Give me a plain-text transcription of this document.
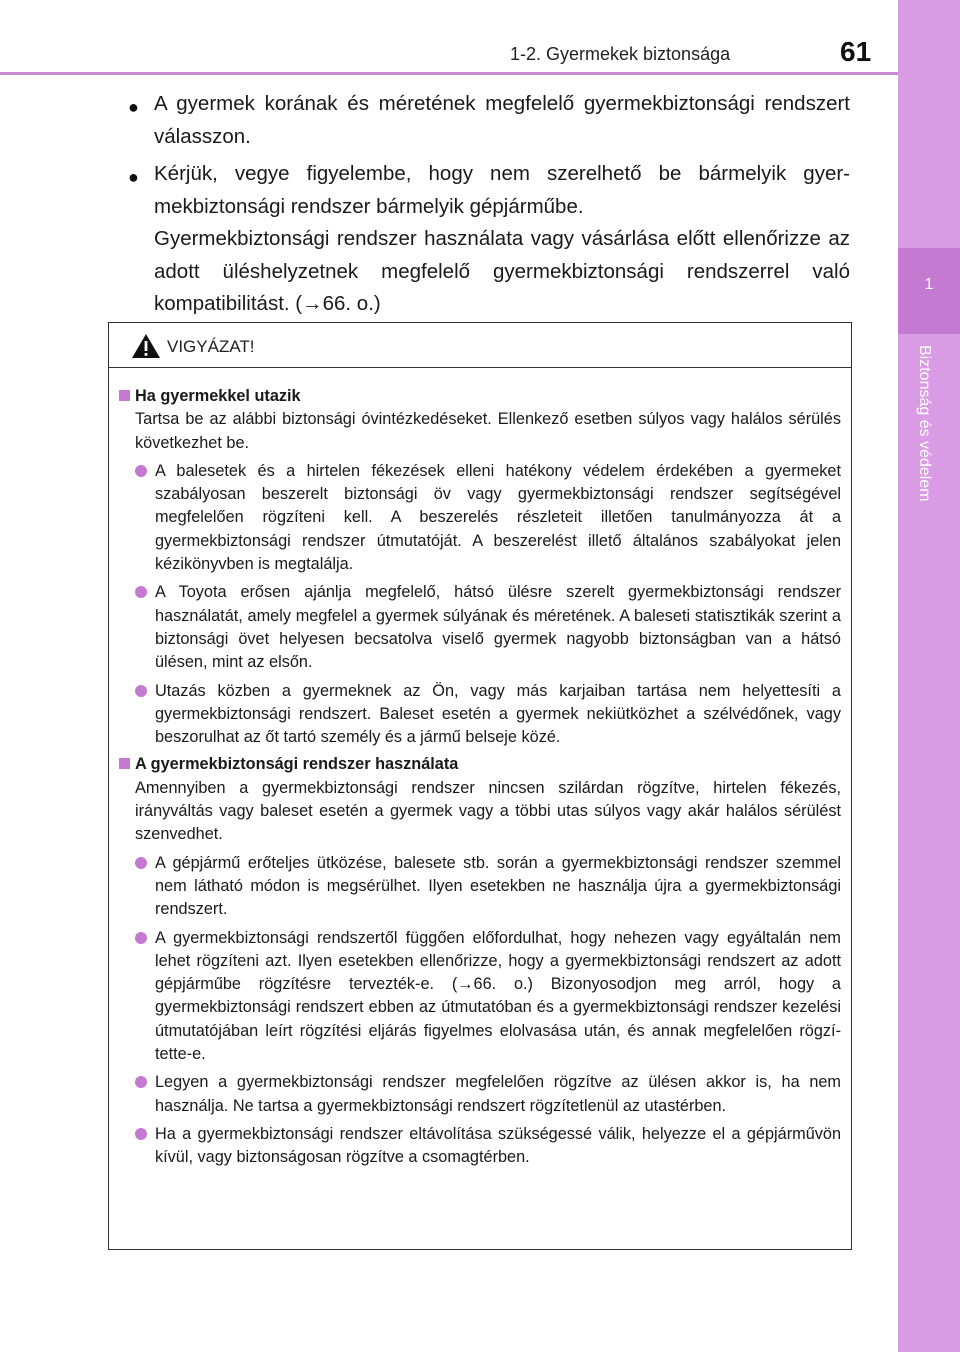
1
Biztonság és védelem
1-2. Gyermekek biztonsága	61
● A gyermek korának és méretének megfelelő gyermekbiztonsági rendszert válasszon.
● Kérjük, vegye figyelembe, hogy nem szerelhető be bármelyik gyermekbiztonsági rendszer bármelyik gépjárműbe.
Gyermekbiztonsági rendszer használata vagy vásárlása előtt ellenőrizze az adott üléshelyzetnek megfelelő gyermekbiztonsági rendszerrel való kompatibilitást. (→66. o.)
VIGYÁZAT!
Ha gyermekkel utazik
Tartsa be az alábbi biztonsági óvintézkedéseket. Ellenkező esetben súlyos vagy halálos sérülés következhet be.
A balesetek és a hirtelen fékezések elleni hatékony védelem érdekében a gyermeket szabályosan beszerelt biztonsági öv vagy gyermekbiztonsági rendszer segítségével megfelelően rögzíteni kell. A beszerelés részleteit illetően tanulmányozza át a gyermekbiztonsági rendszer útmutatóját. A beszerelést illető általános szabályokat jelen kézikönyvben is megtalálja.
A Toyota erősen ajánlja megfelelő, hátsó ülésre szerelt gyermekbiztonsági rendszer használatát, amely megfelel a gyermek súlyának és méretének. A baleseti statisztikák szerint a biztonsági övet helyesen becsatolva viselő gyermek nagyobb biztonságban van a hátsó ülésen, mint az elsőn.
Utazás közben a gyermeknek az Ön, vagy más karjaiban tartása nem helyettesíti a gyermekbiztonsági rendszert. Baleset esetén a gyermek nekiütközhet a szélvédőnek, vagy beszorulhat az őt tartó személy és a jármű belseje közé.
A gyermekbiztonsági rendszer használata
Amennyiben a gyermekbiztonsági rendszer nincsen szilárdan rögzítve, hirtelen fékezés, irányváltás vagy baleset esetén a gyermek vagy a többi utas súlyos vagy akár halálos sérülést szenvedhet.
A gépjármű erőteljes ütközése, balesete stb. során a gyermekbiztonsági rendszer szemmel nem látható módon is megsérülhet. Ilyen esetekben ne használja újra a gyermekbiztonsági rendszert.
A gyermekbiztonsági rendszertől függően előfordulhat, hogy nehezen vagy egyáltalán nem lehet rögzíteni azt. Ilyen esetekben ellenőrizze, hogy a gyermekbiztonsági rendszert az adott gépjárműbe rögzítésre tervezték-e. (→66. o.) Bizonyosodjon meg arról, hogy a gyermekbiztonsági rendszert ebben az útmutatóban és a gyermekbiztonsági rendszer kezelési útmutatójában leírt rögzítési eljárás figyelmes elolvasása után, és annak megfelelően rögzítette-e.
Legyen a gyermekbiztonsági rendszer megfelelően rögzítve az ülésen akkor is, ha nem használja. Ne tartsa a gyermekbiztonsági rendszert rögzítetlenül az utastérben.
Ha a gyermekbiztonsági rendszer eltávolítása szükségessé válik, helyezze el a gépjárművön kívül, vagy biztonságosan rögzítve a csomagtérben.
